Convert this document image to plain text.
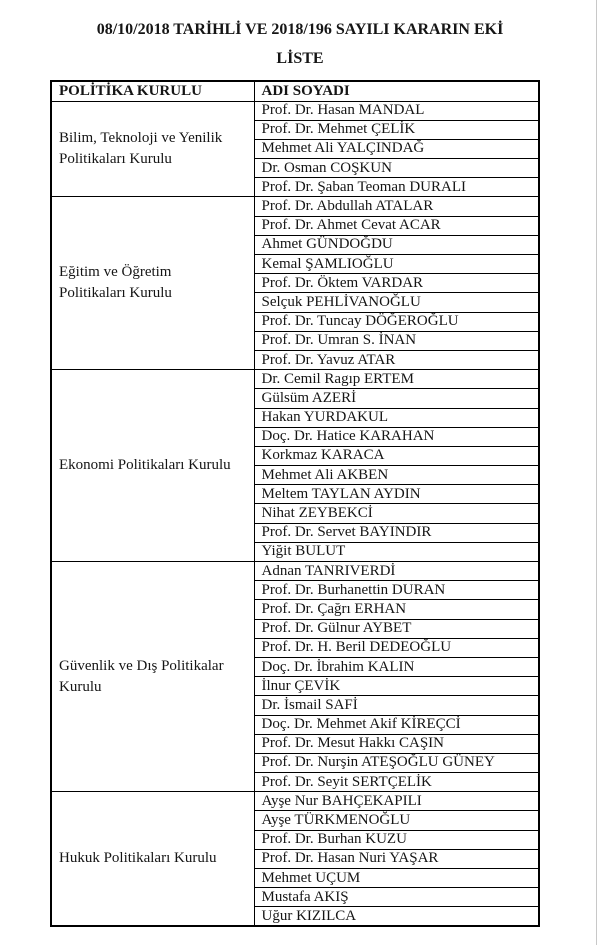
08/10/2018 TARİHLİ VE 2018/196 SAYILI KARARIN EKİ
LİSTE
POLİTİKA KURULU	ADI SOYADI

Bilim, Teknoloji ve Yenilik
Politikaları Kurulu	Prof. Dr. Hasan MANDAL
	Prof. Dr. Mehmet ÇELİK
	Mehmet Ali YALÇINDAĞ
	Dr. Osman COŞKUN
	Prof. Dr. Şaban Teoman DURALI

Eğitim ve Öğretim
Politikaları Kurulu	Prof. Dr. Abdullah ATALAR
	Prof. Dr. Ahmet Cevat ACAR
	Ahmet GÜNDOĞDU
	Kemal ŞAMLIOĞLU
	Prof. Dr. Öktem VARDAR
	Selçuk PEHLİVANOĞLU
	Prof. Dr. Tuncay DÖĞEROĞLU
	Prof. Dr. Umran S. İNAN
	Prof. Dr. Yavuz ATAR

Ekonomi Politikaları Kurulu	Dr. Cemil Ragıp ERTEM
	Gülsüm AZERİ
	Hakan YURDAKUL
	Doç. Dr. Hatice KARAHAN
	Korkmaz KARACA
	Mehmet Ali AKBEN
	Meltem TAYLAN AYDIN
	Nihat ZEYBEKCİ
	Prof. Dr. Servet BAYINDIR
	Yiğit BULUT

Güvenlik ve Dış Politikalar
Kurulu	Adnan TANRIVERDİ
	Prof. Dr. Burhanettin DURAN
	Prof. Dr. Çağrı ERHAN
	Prof. Dr. Gülnur AYBET
	Prof. Dr. H. Beril DEDEOĞLU
	Doç. Dr. İbrahim KALIN
	İlnur ÇEVİK
	Dr. İsmail SAFİ
	Doç. Dr. Mehmet Akif KİREÇCİ
	Prof. Dr. Mesut Hakkı CAŞIN
	Prof. Dr. Nurşin ATEŞOĞLU GÜNEY
	Prof. Dr. Seyit SERTÇELİK

Hukuk Politikaları Kurulu	Ayşe Nur BAHÇEKAPILI
	Ayşe TÜRKMENOĞLU
	Prof. Dr. Burhan KUZU
	Prof. Dr. Hasan Nuri YAŞAR
	Mehmet UÇUM
	Mustafa AKIŞ
	Uğur KIZILCA
